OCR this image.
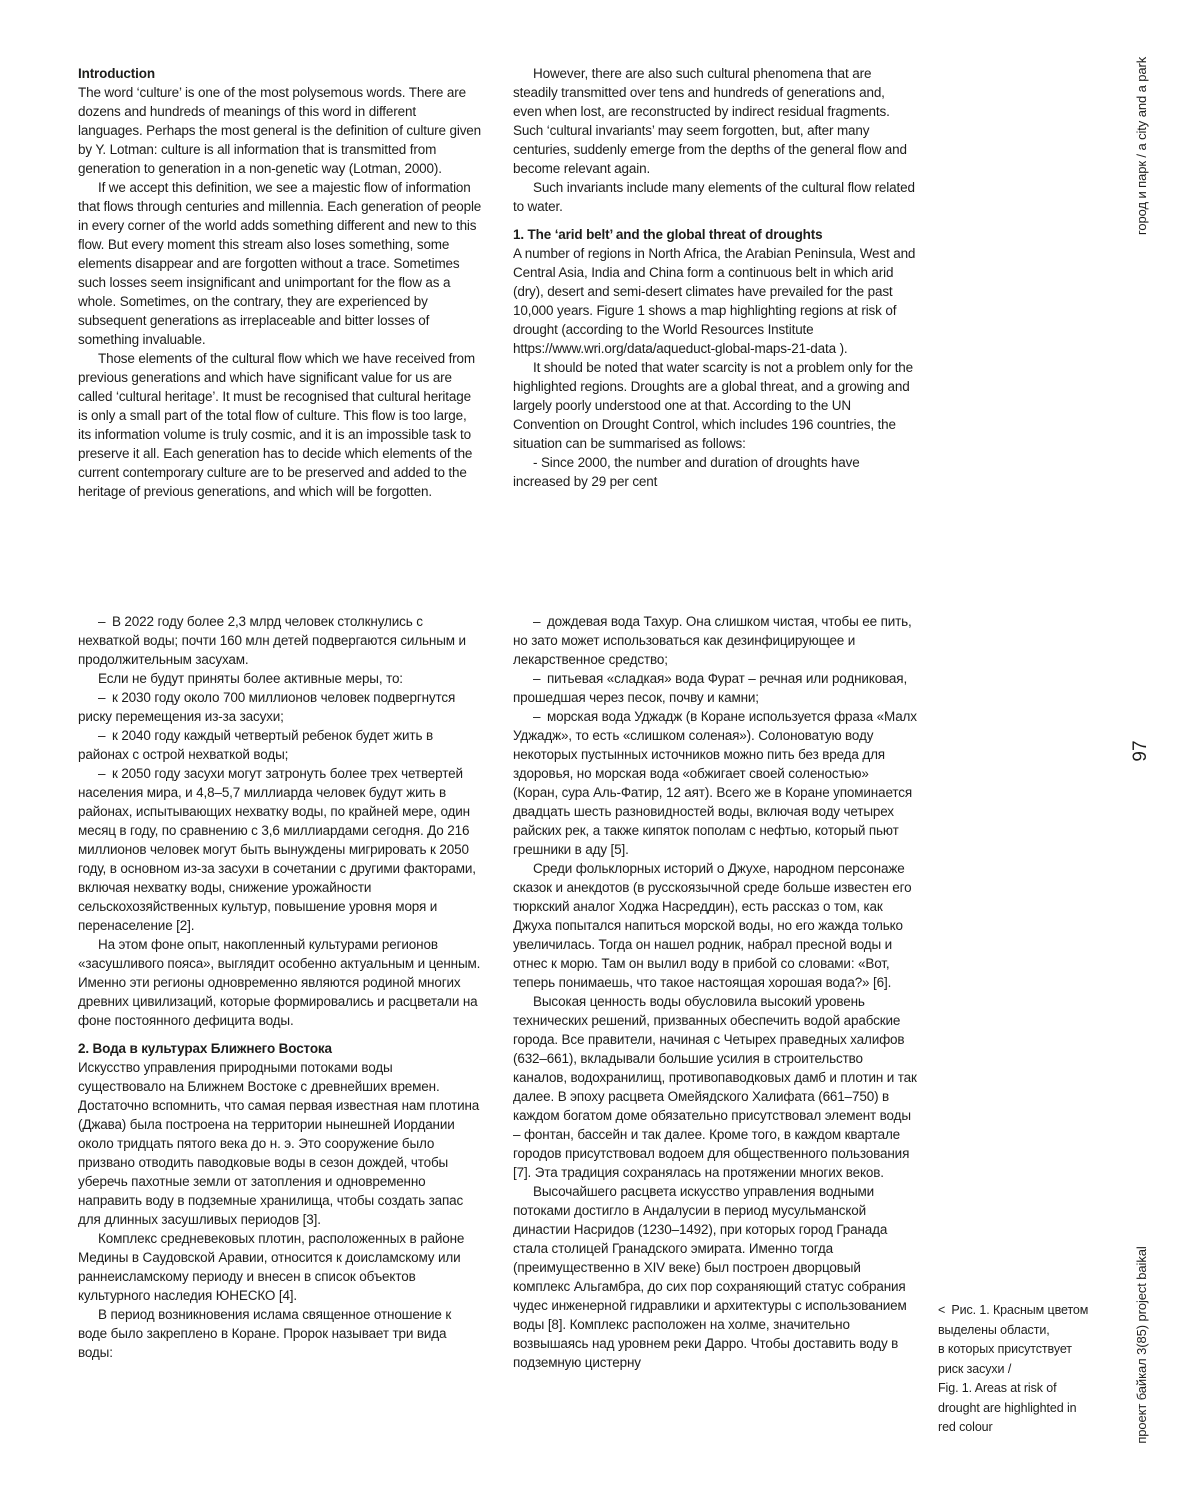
Introduction
The word ‘culture’ is one of the most polysemous words. There are dozens and hundreds of meanings of this word in different languages. Perhaps the most general is the definition of culture given by Y. Lotman: culture is all information that is transmitted from generation to generation in a non-genetic way (Lotman, 2000).
If we accept this definition, we see a majestic flow of information that flows through centuries and millennia. Each generation of people in every corner of the world adds something different and new to this flow. But every moment this stream also loses something, some elements disappear and are forgotten without a trace. Sometimes such losses seem insignificant and unimportant for the flow as a whole. Sometimes, on the contrary, they are experienced by subsequent generations as irreplaceable and bitter losses of something invaluable.
Those elements of the cultural flow which we have received from previous generations and which have significant value for us are called ‘cultural heritage’. It must be recognised that cultural heritage is only a small part of the total flow of culture. This flow is too large, its information volume is truly cosmic, and it is an impossible task to preserve it all. Each generation has to decide which elements of the current contemporary culture are to be preserved and added to the heritage of previous generations, and which will be forgotten.
However, there are also such cultural phenomena that are steadily transmitted over tens and hundreds of generations and, even when lost, are reconstructed by indirect residual fragments. Such ‘cultural invariants’ may seem forgotten, but, after many centuries, suddenly emerge from the depths of the general flow and become relevant again.
Such invariants include many elements of the cultural flow related to water.
1. The ‘arid belt’ and the global threat of droughts
A number of regions in North Africa, the Arabian Peninsula, West and Central Asia, India and China form a continuous belt in which arid (dry), desert and semi-desert climates have prevailed for the past 10,000 years. Figure 1 shows a map highlighting regions at risk of drought (according to the World Resources Institute https://www.wri.org/data/aqueduct-global-maps-21-data ).
It should be noted that water scarcity is not a problem only for the highlighted regions. Droughts are a global threat, and a growing and largely poorly understood one at that. According to the UN Convention on Drought Control, which includes 196 countries, the situation can be summarised as follows:
- Since 2000, the number and duration of droughts have increased by 29 per cent
– В 2022 году более 2,3 млрд человек столкнулись с нехваткой воды; почти 160 млн детей подвергаются сильным и продолжительным засухам.
Если не будут приняты более активные меры, то:
– к 2030 году около 700 миллионов человек подвергнутся риску перемещения из-за засухи;
– к 2040 году каждый четвертый ребенок будет жить в районах с острой нехваткой воды;
– к 2050 году засухи могут затронуть более трех четвертей населения мира, и 4,8–5,7 миллиарда человек будут жить в районах, испытывающих нехватку воды, по крайней мере, один месяц в году, по сравнению с 3,6 миллиардами сегодня. До 216 миллионов человек могут быть вынуждены мигрировать к 2050 году, в основном из-за засухи в сочетании с другими факторами, включая нехватку воды, снижение урожайности сельскохозяйственных культур, повышение уровня моря и перенаселение [2].
На этом фоне опыт, накопленный культурами регионов «засушливого пояса», выглядит особенно актуальным и ценным. Именно эти регионы одновременно являются родиной многих древних цивилизаций, которые формировались и расцветали на фоне постоянного дефицита воды.
2. Вода в культурах Ближнего Востока
Искусство управления природными потоками воды существовало на Ближнем Востоке с древнейших времен. Достаточно вспомнить, что самая первая известная нам плотина (Джава) была построена на территории нынешней Иордании около тридцать пятого века до н. э. Это сооружение было призвано отводить паводковые воды в сезон дождей, чтобы уберечь пахотные земли от затопления и одновременно направить воду в подземные хранилища, чтобы создать запас для длинных засушливых периодов [3].
Комплекс средневековых плотин, расположенных в районе Медины в Саудовской Аравии, относится к доисламскому или раннеисламскому периоду и внесен в список объектов культурного наследия ЮНЕСКО [4].
В период возникновения ислама священное отношение к воде было закреплено в Коране. Пророк называет три вида воды:
– дождевая вода Тахур. Она слишком чистая, чтобы ее пить, но зато может использоваться как дезинфицирующее и лекарственное средство;
– питьевая «сладкая» вода Фурат – речная или родниковая, прошедшая через песок, почву и камни;
– морская вода Уджадж (в Коране используется фраза «Малх Уджадж», то есть «слишком соленая»). Солоноватую воду некоторых пустынных источников можно пить без вреда для здоровья, но морская вода «обжигает своей соленостью» (Коран, сура Аль-Фатир, 12 аят). Всего же в Коране упоминается двадцать шесть разновидностей воды, включая воду четырех райских рек, а также кипяток пополам с нефтью, который пьют грешники в аду [5].
Среди фольклорных историй о Джухе, народном персонаже сказок и анекдотов (в русскоязычной среде больше известен его тюркский аналог Ходжа Насреддин), есть рассказ о том, как Джуха попытался напиться морской воды, но его жажда только увеличилась. Тогда он нашел родник, набрал пресной воды и отнес к морю. Там он вылил воду в прибой со словами: «Вот, теперь понимаешь, что такое настоящая хорошая вода?» [6].
Высокая ценность воды обусловила высокий уровень технических решений, призванных обеспечить водой арабские города. Все правители, начиная с Четырех праведных халифов (632–661), вкладывали большие усилия в строительство каналов, водохранилищ, противопаводковых дамб и плотин и так далее. В эпоху расцвета Омейядского Халифата (661–750) в каждом богатом доме обязательно присутствовал элемент воды – фонтан, бассейн и так далее. Кроме того, в каждом квартале городов присутствовал водоем для общественного пользования [7]. Эта традиция сохранялась на протяжении многих веков.
Высочайшего расцвета искусство управления водными потоками достигло в Андалусии в период мусульманской династии Насридов (1230–1492), при которых город Гранада стала столицей Гранадского эмирата. Именно тогда (преимущественно в XIV веке) был построен дворцовый комплекс Альгамбра, до сих пор сохраняющий статус собрания чудес инженерной гидравлики и архитектуры с использованием воды [8]. Комплекс расположен на холме, значительно возвышаясь над уровнем реки Дарро. Чтобы доставить воду в подземную цистерну
< Рис. 1. Красным цветом
выделены области,
в которых присутствует
риск засухи /
Fig. 1. Areas at risk of
drought are highlighted in
red colour
город и парк / a city and a park
97
проект байкал 3(85) project baikal
